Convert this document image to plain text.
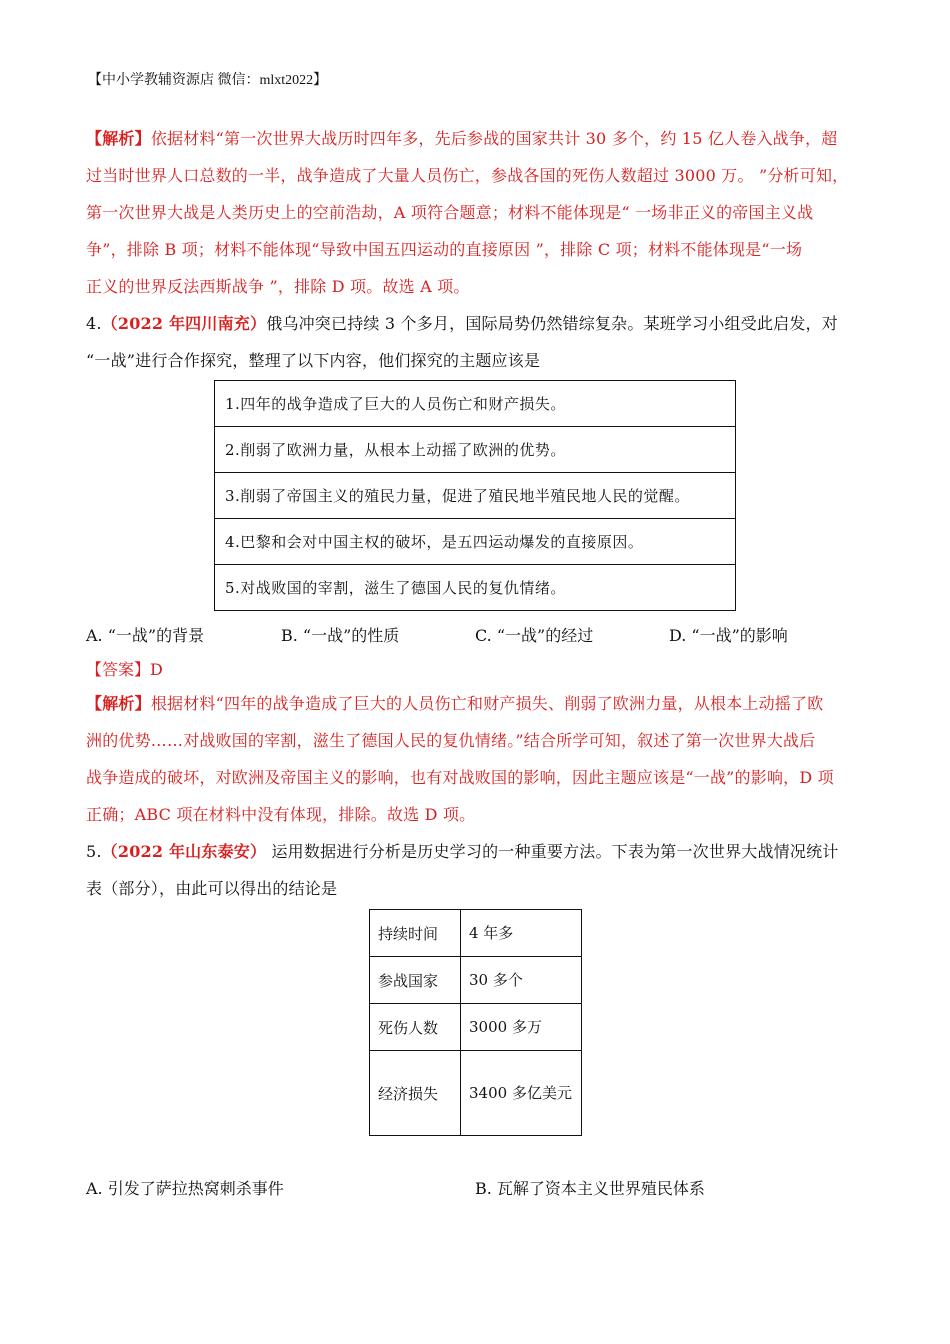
【中小学教辅资源店 微信：mlxt2022】
【解析】依据材料“第一次世界大战历时四年多，先后参战的国家共计 30 多个，约 15 亿人卷入战争，超
过当时世界人口总数的一半，战争造成了大量人员伤亡，参战各国的死伤人数超过 3000 万。 ”分析可知，
第一次世界大战是人类历史上的空前浩劫，A 项符合题意；材料不能体现是“ 一场非正义的帝国主义战
争”，排除 B 项；材料不能体现“导致中国五四运动的直接原因 ”，排除 C 项；材料不能体现是“一场
正义的世界反法西斯战争 ”，排除 D 项。故选 A 项。
4.（2022 年四川南充）俄乌冲突已持续 3 个多月，国际局势仍然错综复杂。某班学习小组受此启发，对
“一战”进行合作探究，整理了以下内容，他们探究的主题应该是
1.四年的战争造成了巨大的人员伤亡和财产损失。
2.削弱了欧洲力量，从根本上动摇了欧洲的优势。
3.削弱了帝国主义的殖民力量，促进了殖民地半殖民地人民的觉醒。
4.巴黎和会对中国主权的破坏，是五四运动爆发的直接原因。
5.对战败国的宰割，滋生了德国人民的复仇情绪。
A. “一战”的背景	B. “一战”的性质	C. “一战”的经过	D. “一战”的影响
【答案】D
【解析】根据材料“四年的战争造成了巨大的人员伤亡和财产损失、削弱了欧洲力量，从根本上动摇了欧
洲的优势……对战败国的宰割，滋生了德国人民的复仇情绪。”结合所学可知，叙述了第一次世界大战后
战争造成的破坏，对欧洲及帝国主义的影响，也有对战败国的影响，因此主题应该是“一战”的影响，D 项
正确；ABC 项在材料中没有体现，排除。故选 D 项。
5.（2022 年山东泰安） 运用数据进行分析是历史学习的一种重要方法。下表为第一次世界大战情况统计
表（部分），由此可以得出的结论是
持续时间	4 年多
参战国家	30 多个
死伤人数	3000 多万
经济损失	3400 多亿美元
A. 引发了萨拉热窝刺杀事件	B. 瓦解了资本主义世界殖民体系
